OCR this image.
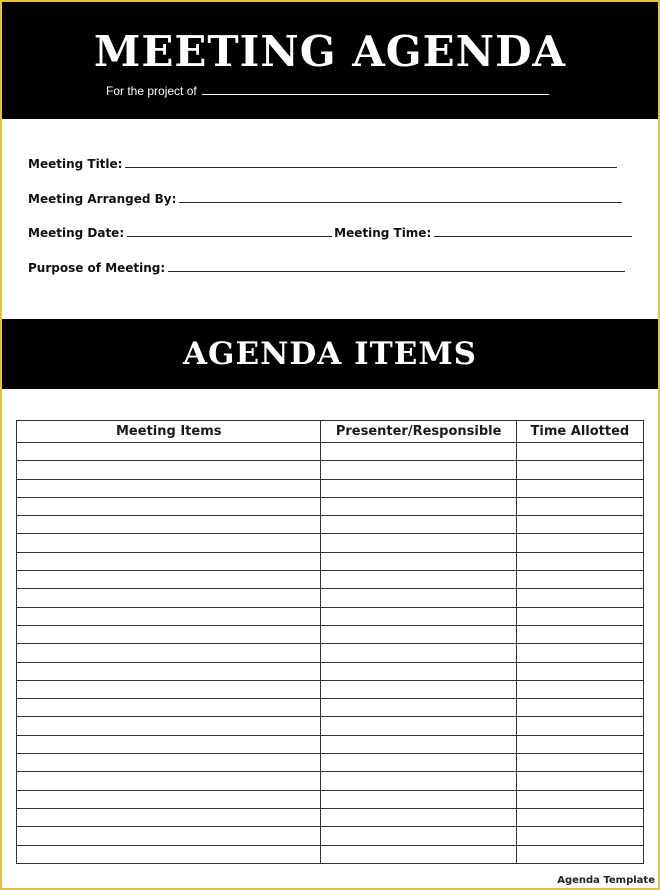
MEETING AGENDA
For the project of
Meeting Title:
Meeting Arranged By:
Meeting Date:	Meeting Time:
Purpose of Meeting:
AGENDA ITEMS
Meeting Items	Presenter/Responsible	Time Allotted

Agenda Template
